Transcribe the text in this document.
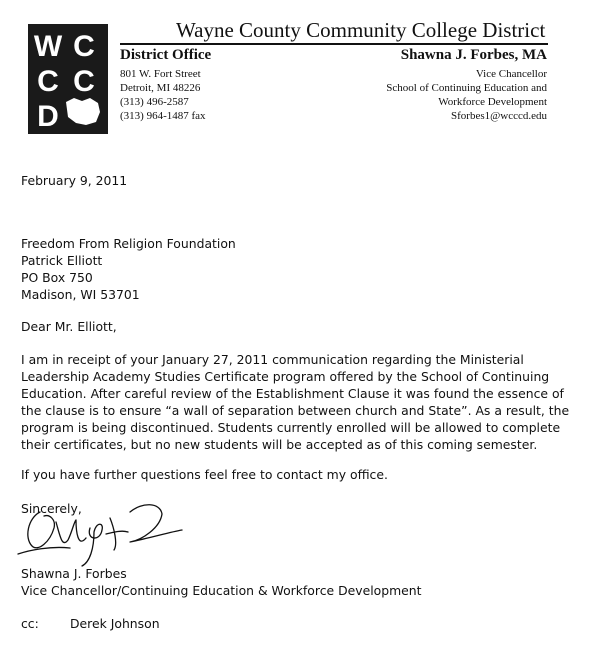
Wayne County Community College District
W C
C C
D
District Office
801 W. Fort Street
Detroit, MI 48226
(313) 496-2587
(313) 964-1487 fax
Shawna J. Forbes, MA
Vice Chancellor
School of Continuing Education and
Workforce Development
Sforbes1@wcccd.edu
February 9, 2011
Freedom From Religion Foundation
Patrick Elliott
PO Box 750
Madison, WI 53701
Dear Mr. Elliott,
I am in receipt of your January 27, 2011 communication regarding the Ministerial
Leadership Academy Studies Certificate program offered by the School of Continuing
Education. After careful review of the Establishment Clause it was found the essence of
the clause is to ensure “a wall of separation between church and State”. As a result, the
program is being discontinued. Students currently enrolled will be allowed to complete
their certificates, but no new students will be accepted as of this coming semester.
If you have further questions feel free to contact my office.
Sincerely,
Shawna J. Forbes
Vice Chancellor/Continuing Education & Workforce Development
cc:	Derek Johnson
